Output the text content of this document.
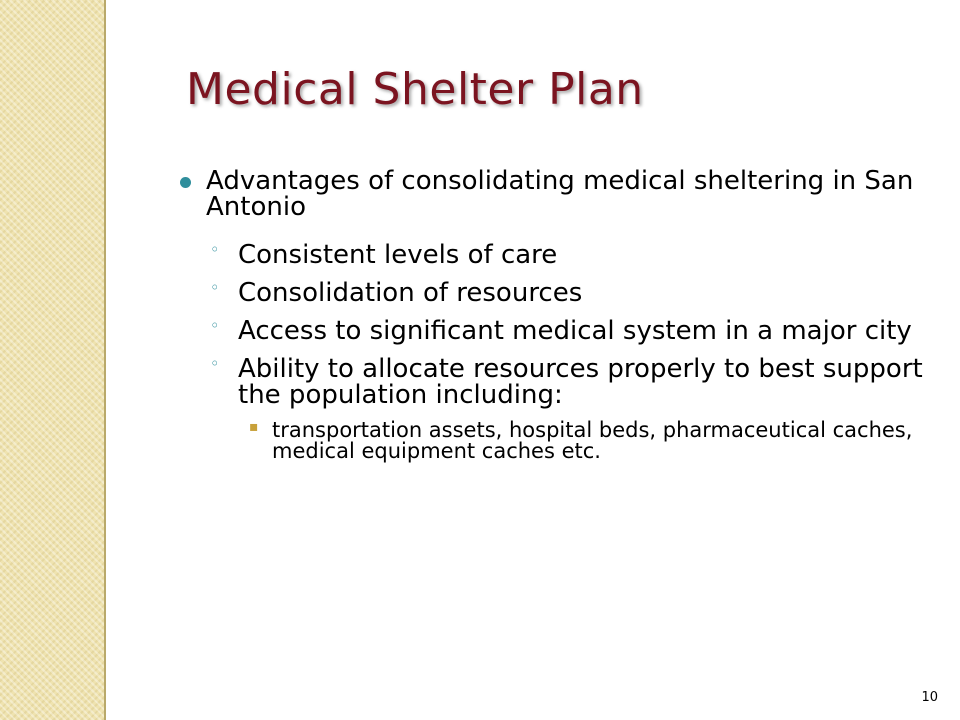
Medical Shelter Plan
Advantages of consolidating medical sheltering in San Antonio
◦ Consistent levels of care
◦ Consolidation of resources
◦ Access to significant medical system in a major city
◦ Ability to allocate resources properly to best support the population including:
▪ transportation assets, hospital beds, pharmaceutical caches, medical equipment caches etc.
10
